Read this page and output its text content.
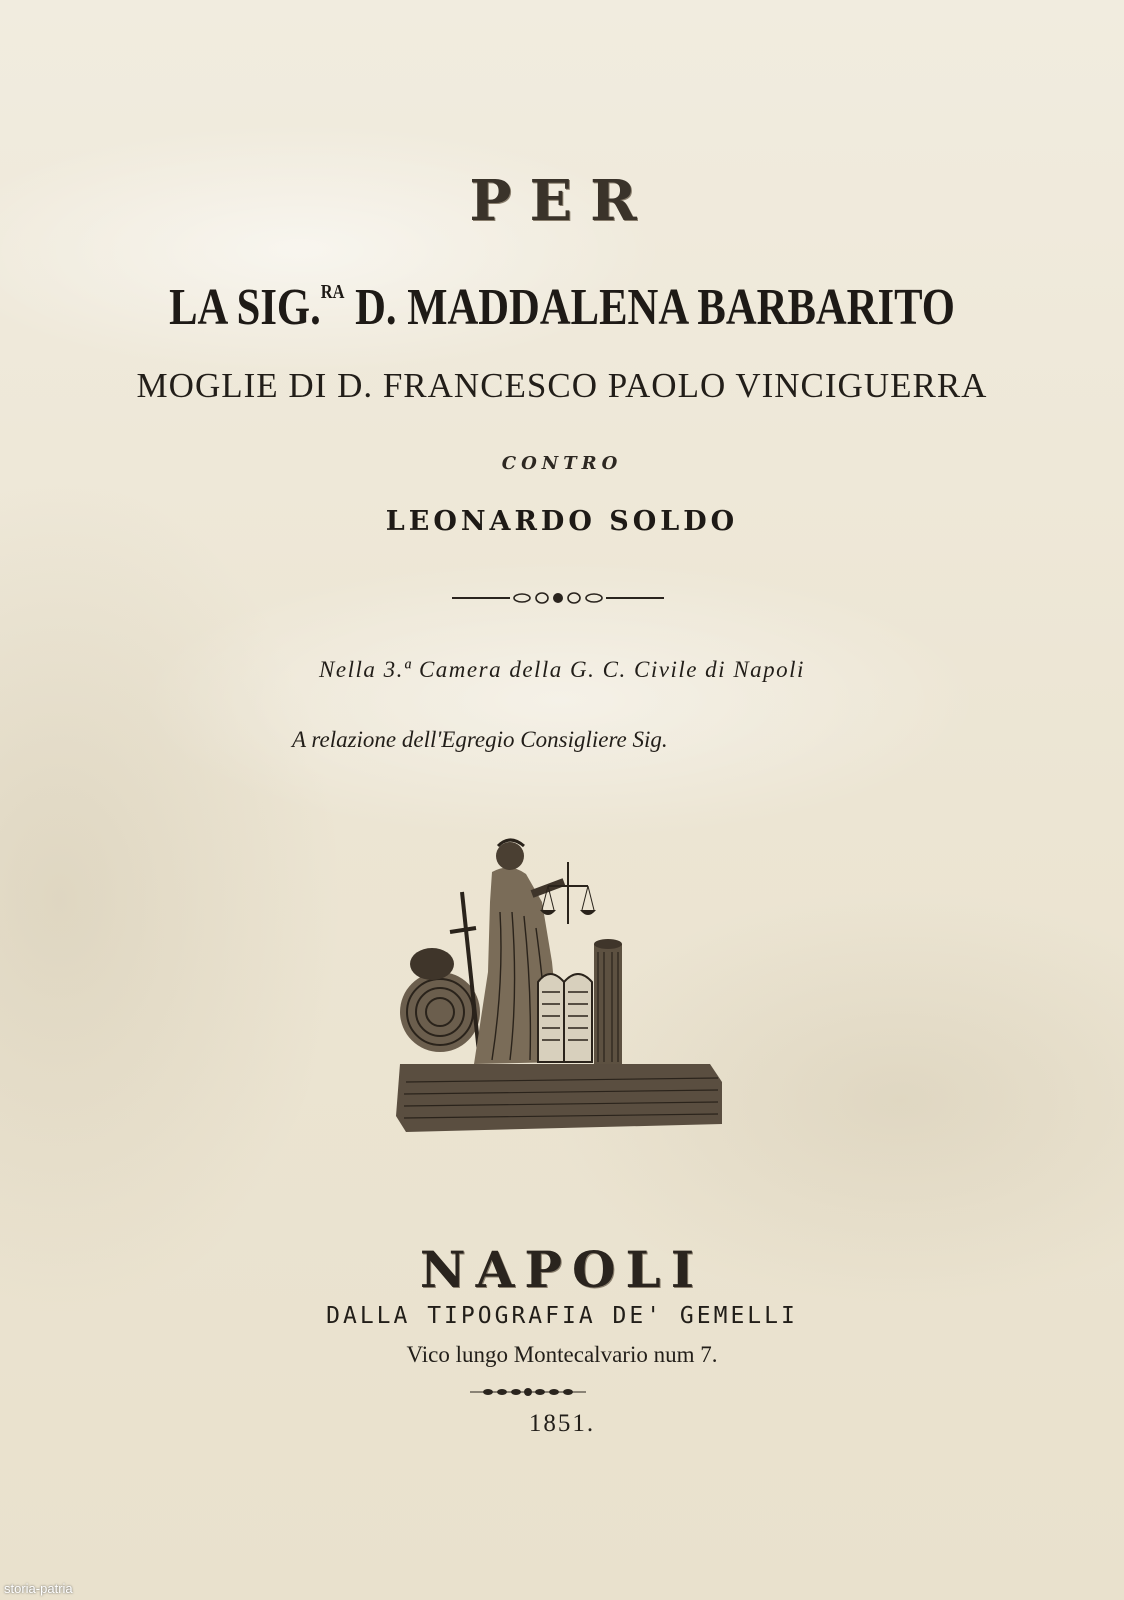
PER
LA SIG.$^{RA}$ D. MADDALENA BARBARITO
MOGLIE DI D. FRANCESCO PAOLO VINCIGUERRA
CONTRO
LEONARDO SOLDO
Nella 3.ª Camera della G. C. Civile di Napoli
A relazione dell'Egregio Consigliere Sig.
NAPOLI
DALLA TIPOGRAFIA DE' GEMELLI
Vico lungo Montecalvario num 7.
1851.
storia-patria
